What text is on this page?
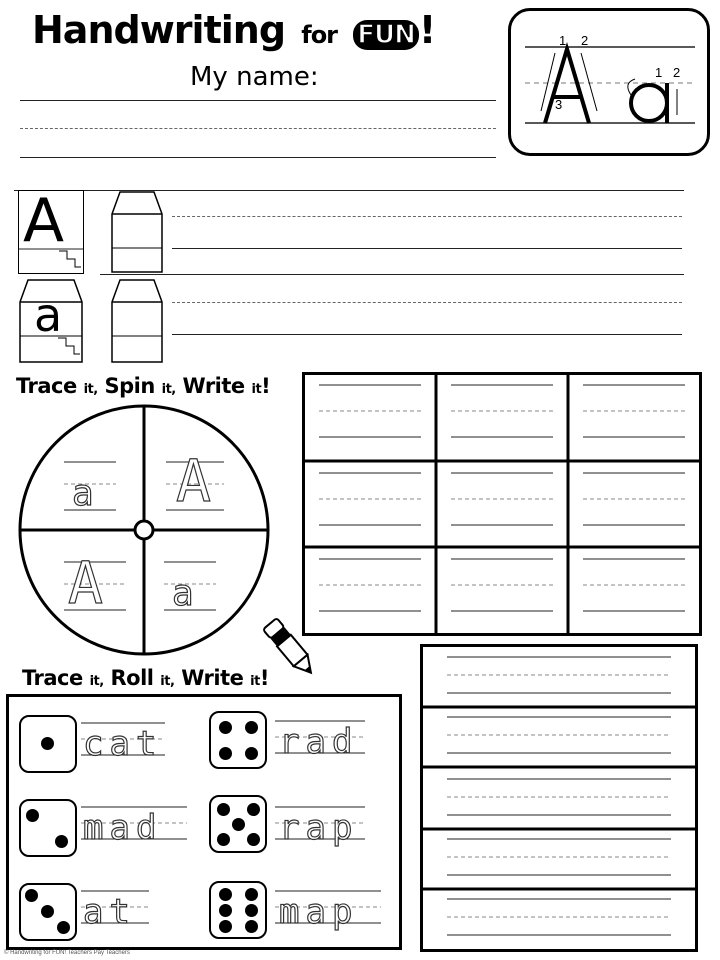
Handwriting for FUN !
My name:
1 2
3
1 2
A
a
Trace it, Spin it, Write it!
a A
A a
Trace it, Roll it, Write it!
cat
mad
at
rad
rap
map
© Handwriting for FUN! Teachers Pay Teachers
